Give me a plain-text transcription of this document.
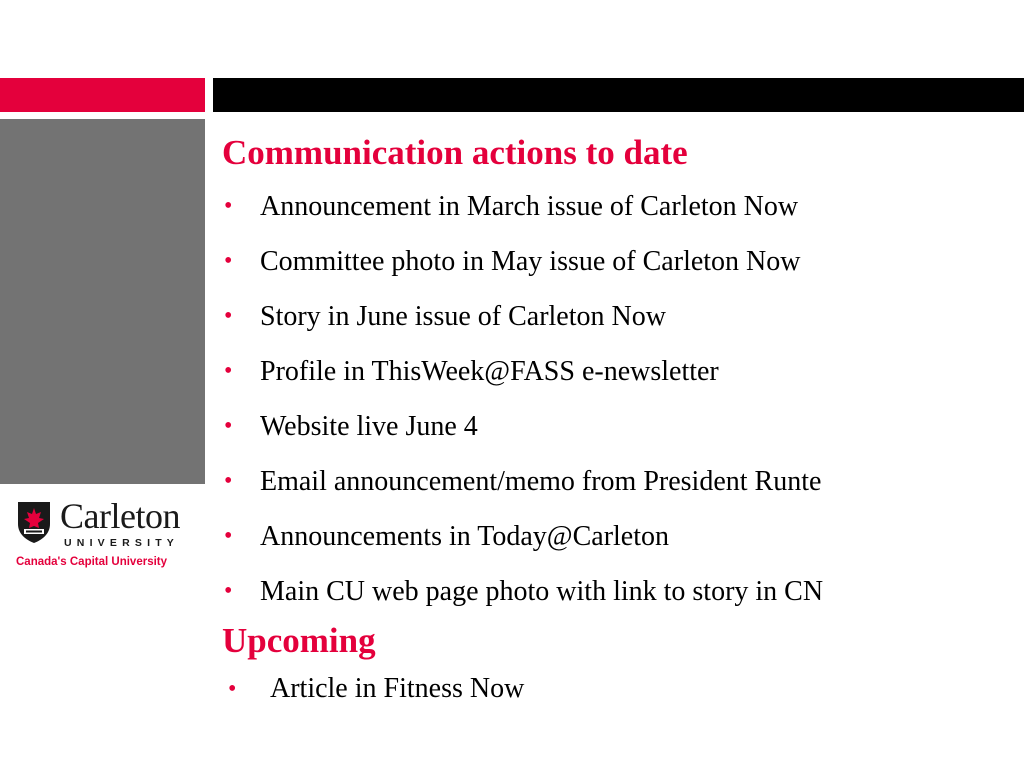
Carleton
UNIVERSITY
Canada's Capital University
Communication actions to date
• Announcement in March issue of Carleton Now
• Committee photo in May issue of Carleton Now
• Story in June issue of Carleton Now
• Profile in ThisWeek@FASS e-newsletter
• Website live June 4
• Email announcement/memo from President Runte
• Announcements in Today@Carleton
• Main CU web page photo with link to story in CN
Upcoming
• Article in Fitness Now
